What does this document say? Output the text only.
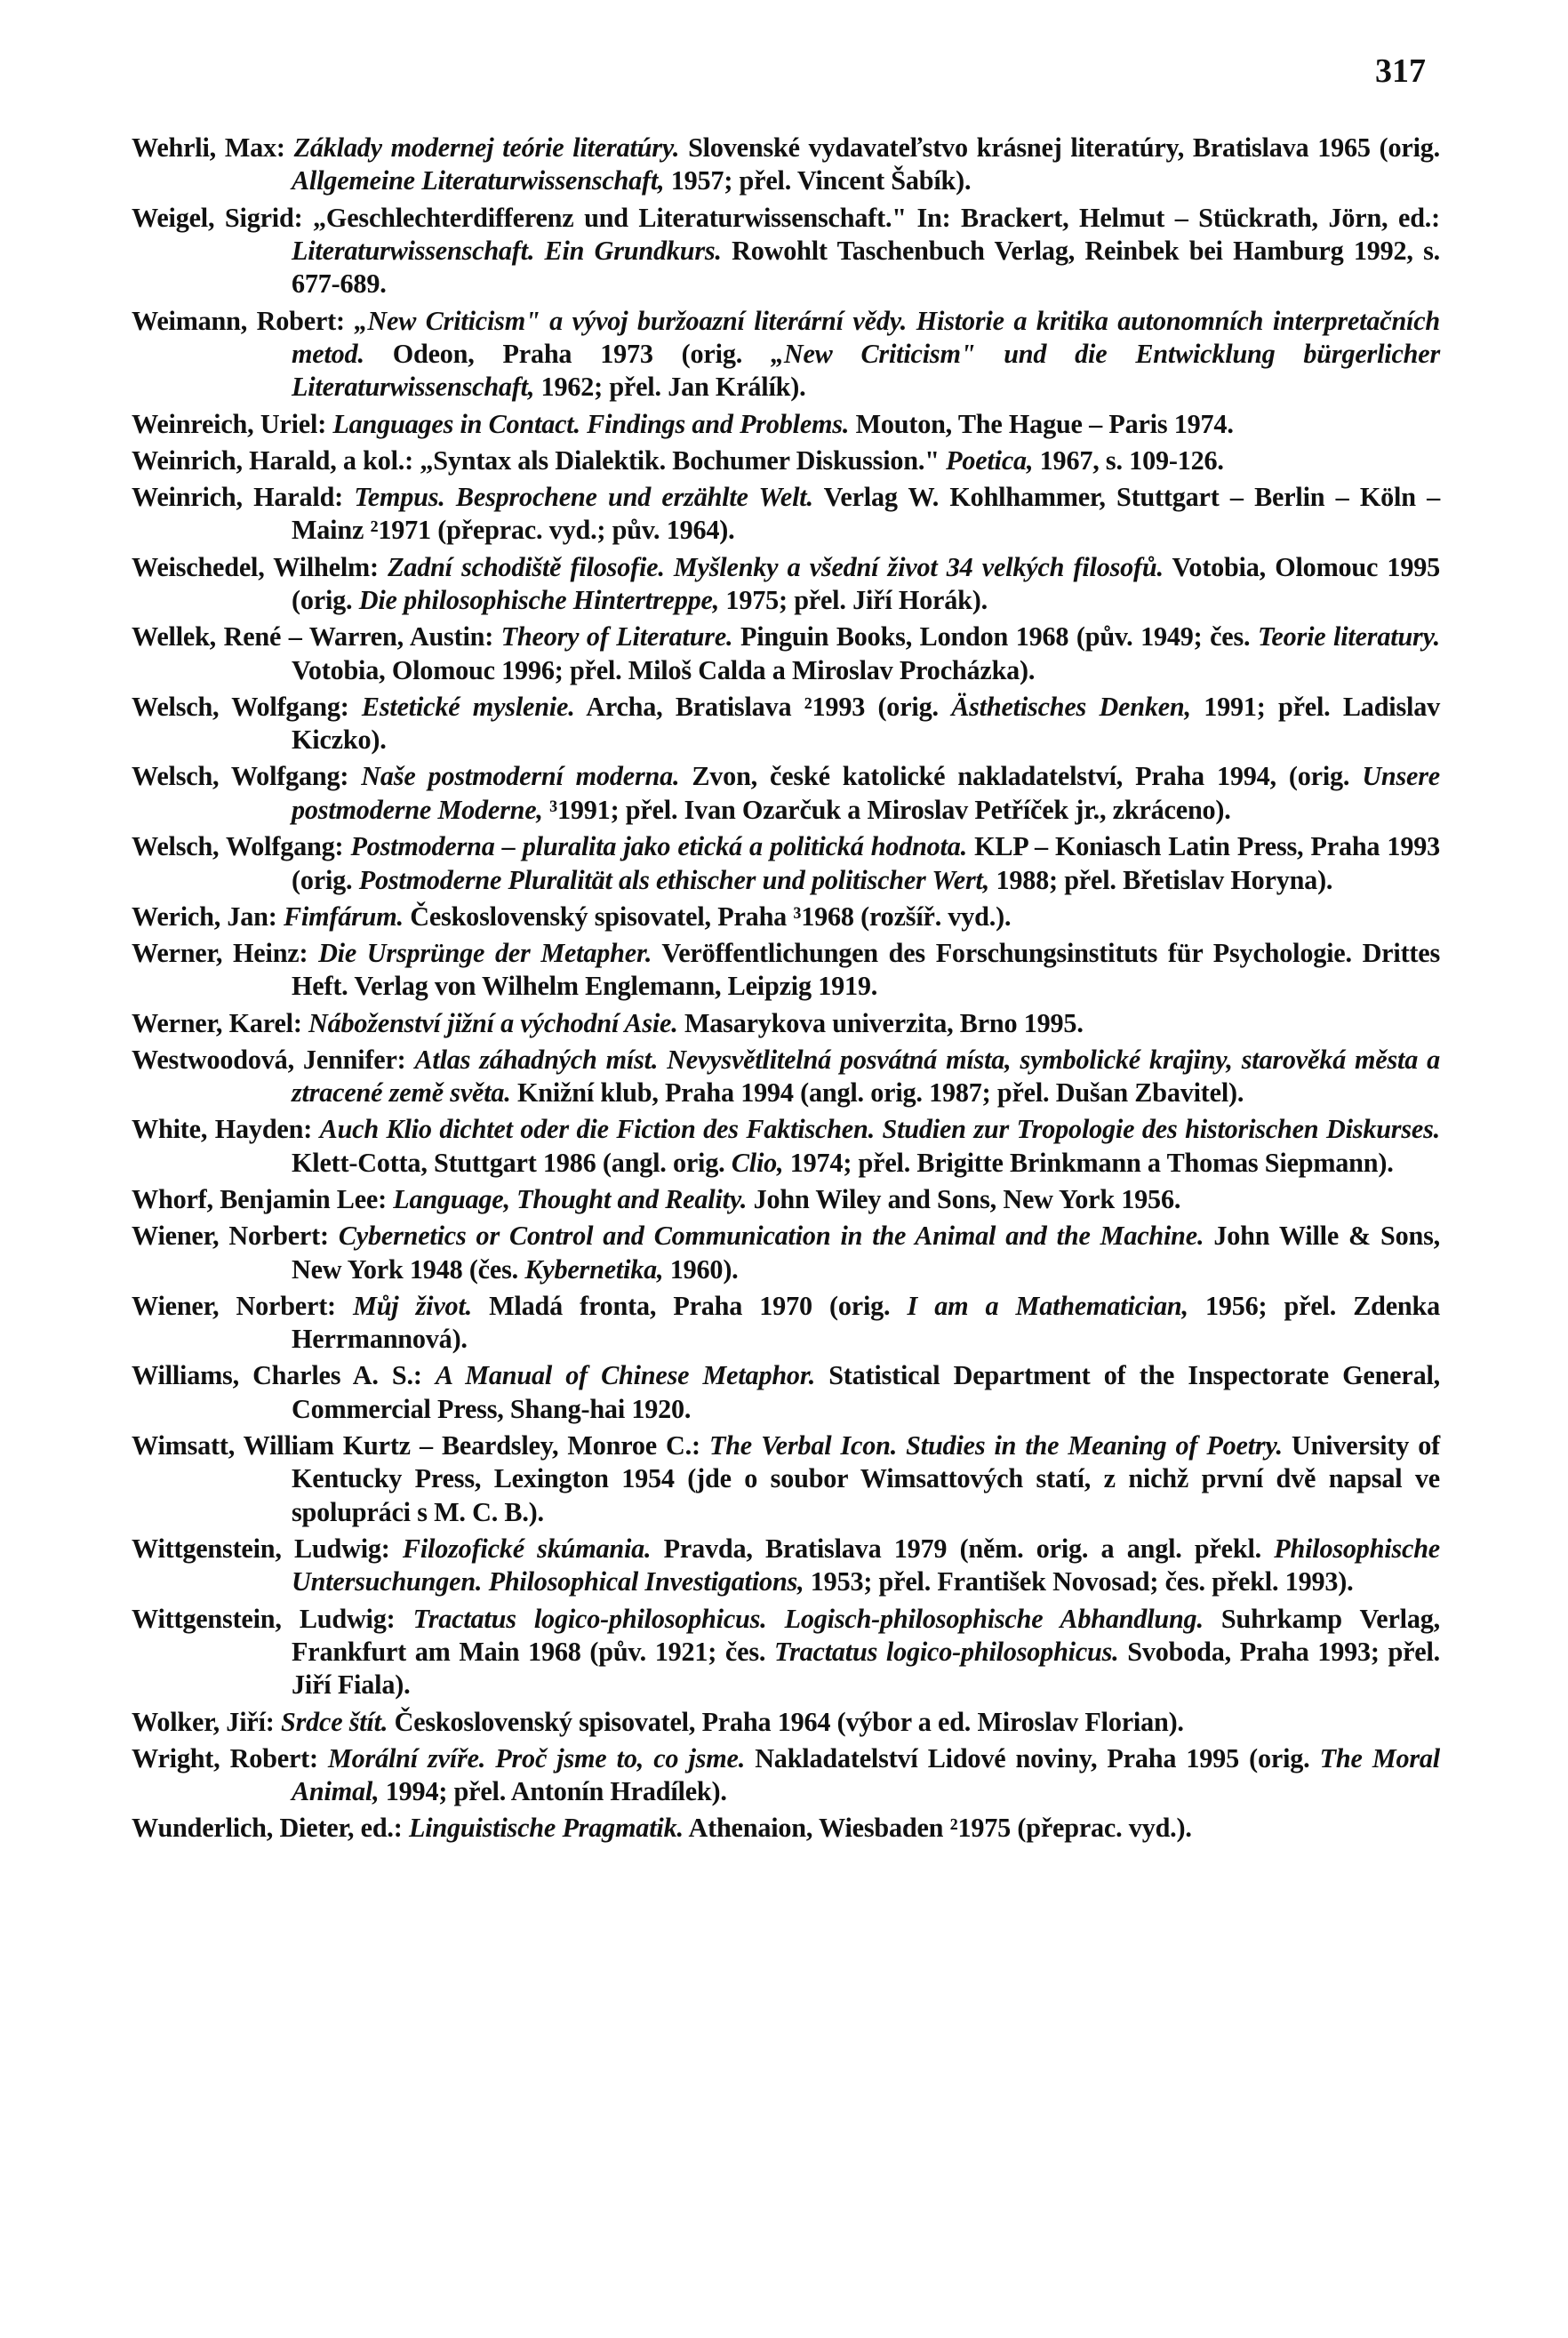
317
Wehrli, Max: Základy modernej teórie literatúry. Slovenské vydavateľstvo krásnej literatúry, Bratislava 1965 (orig. Allgemeine Literaturwissenschaft, 1957; přel. Vincent Šabík).
Weigel, Sigrid: „Geschlechterdifferenz und Literaturwissenschaft." In: Brackert, Helmut – Stückrath, Jörn, ed.: Literaturwissenschaft. Ein Grundkurs. Rowohlt Taschenbuch Verlag, Reinbek bei Hamburg 1992, s. 677-689.
Weimann, Robert: „New Criticism" a vývoj buržoazní literární vědy. Historie a kritika autonomních interpretačních metod. Odeon, Praha 1973 (orig. „New Criticism" und die Entwicklung bürgerlicher Literaturwissenschaft, 1962; přel. Jan Králík).
Weinreich, Uriel: Languages in Contact. Findings and Problems. Mouton, The Hague – Paris 1974.
Weinrich, Harald, a kol.: „Syntax als Dialektik. Bochumer Diskussion." Poetica, 1967, s. 109-126.
Weinrich, Harald: Tempus. Besprochene und erzählte Welt. Verlag W. Kohlhammer, Stuttgart – Berlin – Köln – Mainz ²1971 (přeprac. vyd.; pův. 1964).
Weischedel, Wilhelm: Zadní schodiště filosofie. Myšlenky a všední život 34 velkých filosofů. Votobia, Olomouc 1995 (orig. Die philosophische Hintertreppe, 1975; přel. Jiří Horák).
Wellek, René – Warren, Austin: Theory of Literature. Pinguin Books, London 1968 (pův. 1949; čes. Teorie literatury. Votobia, Olomouc 1996; přel. Miloš Calda a Miroslav Procházka).
Welsch, Wolfgang: Estetické myslenie. Archa, Bratislava ²1993 (orig. Ästhetisches Denken, 1991; přel. Ladislav Kiczko).
Welsch, Wolfgang: Naše postmoderní moderna. Zvon, české katolické nakladatelství, Praha 1994, (orig. Unsere postmoderne Moderne, ³1991; přel. Ivan Ozarčuk a Miroslav Petříček jr., zkráceno).
Welsch, Wolfgang: Postmoderna – pluralita jako etická a politická hodnota. KLP – Koniasch Latin Press, Praha 1993 (orig. Postmoderne Pluralität als ethischer und politischer Wert, 1988; přel. Břetislav Horyna).
Werich, Jan: Fimfárum. Československý spisovatel, Praha ³1968 (rozšíř. vyd.).
Werner, Heinz: Die Ursprünge der Metapher. Veröffentlichungen des Forschungsinstituts für Psychologie. Drittes Heft. Verlag von Wilhelm Englemann, Leipzig 1919.
Werner, Karel: Náboženství jižní a východní Asie. Masarykova univerzita, Brno 1995.
Westwoodová, Jennifer: Atlas záhadných míst. Nevysvětlitelná posvátná místa, symbolické krajiny, starověká města a ztracené země světa. Knižní klub, Praha 1994 (angl. orig. 1987; přel. Dušan Zbavitel).
White, Hayden: Auch Klio dichtet oder die Fiction des Faktischen. Studien zur Tropologie des historischen Diskurses. Klett-Cotta, Stuttgart 1986 (angl. orig. Clio, 1974; přel. Brigitte Brinkmann a Thomas Siepmann).
Whorf, Benjamin Lee: Language, Thought and Reality. John Wiley and Sons, New York 1956.
Wiener, Norbert: Cybernetics or Control and Communication in the Animal and the Machine. John Wille & Sons, New York 1948 (čes. Kybernetika, 1960).
Wiener, Norbert: Můj život. Mladá fronta, Praha 1970 (orig. I am a Mathematician, 1956; přel. Zdenka Herrmannová).
Williams, Charles A. S.: A Manual of Chinese Metaphor. Statistical Department of the Inspectorate General, Commercial Press, Shang-hai 1920.
Wimsatt, William Kurtz – Beardsley, Monroe C.: The Verbal Icon. Studies in the Meaning of Poetry. University of Kentucky Press, Lexington 1954 (jde o soubor Wimsattových statí, z nichž první dvě napsal ve spolupráci s M. C. B.).
Wittgenstein, Ludwig: Filozofické skúmania. Pravda, Bratislava 1979 (něm. orig. a angl. překl. Philosophische Untersuchungen. Philosophical Investigations, 1953; přel. František Novosad; čes. překl. 1993).
Wittgenstein, Ludwig: Tractatus logico-philosophicus. Logisch-philosophische Abhandlung. Suhrkamp Verlag, Frankfurt am Main 1968 (pův. 1921; čes. Tractatus logico-philosophicus. Svoboda, Praha 1993; přel. Jiří Fiala).
Wolker, Jiří: Srdce štít. Československý spisovatel, Praha 1964 (výbor a ed. Miroslav Florian).
Wright, Robert: Morální zvíře. Proč jsme to, co jsme. Nakladatelství Lidové noviny, Praha 1995 (orig. The Moral Animal, 1994; přel. Antonín Hradílek).
Wunderlich, Dieter, ed.: Linguistische Pragmatik. Athenaion, Wiesbaden ²1975 (přeprac. vyd.).
